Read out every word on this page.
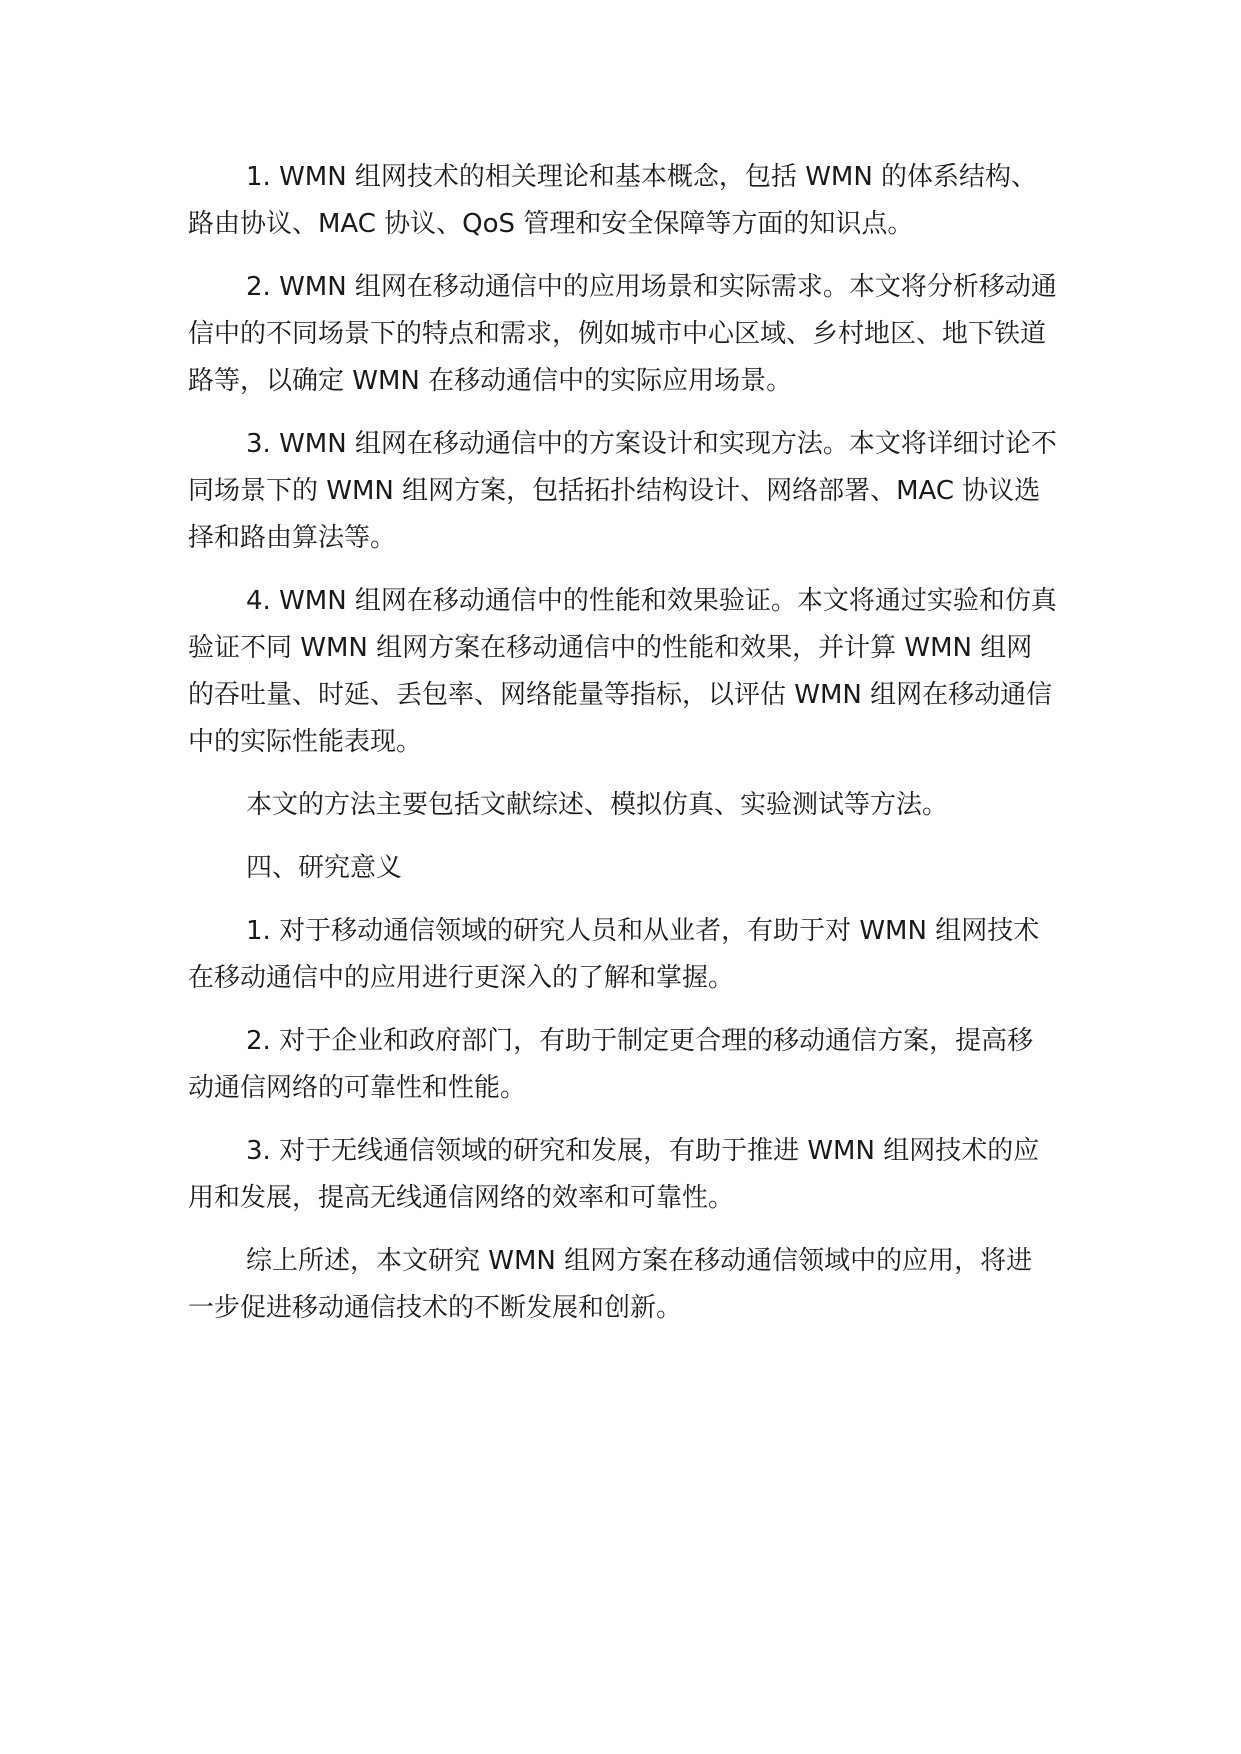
1. WMN 组网技术的相关理论和基本概念，包括 WMN 的体系结构、路由协议、MAC 协议、QoS 管理和安全保障等方面的知识点。

2. WMN 组网在移动通信中的应用场景和实际需求。本文将分析移动通信中的不同场景下的特点和需求，例如城市中心区域、乡村地区、地下铁道路等，以确定 WMN 在移动通信中的实际应用场景。

3. WMN 组网在移动通信中的方案设计和实现方法。本文将详细讨论不同场景下的 WMN 组网方案，包括拓扑结构设计、网络部署、MAC 协议选择和路由算法等。

4. WMN 组网在移动通信中的性能和效果验证。本文将通过实验和仿真验证不同 WMN 组网方案在移动通信中的性能和效果，并计算 WMN 组网的吞吐量、时延、丢包率、网络能量等指标，以评估 WMN 组网在移动通信中的实际性能表现。

本文的方法主要包括文献综述、模拟仿真、实验测试等方法。

四、研究意义

1. 对于移动通信领域的研究人员和从业者，有助于对 WMN 组网技术在移动通信中的应用进行更深入的了解和掌握。

2. 对于企业和政府部门，有助于制定更合理的移动通信方案，提高移动通信网络的可靠性和性能。

3. 对于无线通信领域的研究和发展，有助于推进 WMN 组网技术的应用和发展，提高无线通信网络的效率和可靠性。

综上所述，本文研究 WMN 组网方案在移动通信领域中的应用，将进一步促进移动通信技术的不断发展和创新。
